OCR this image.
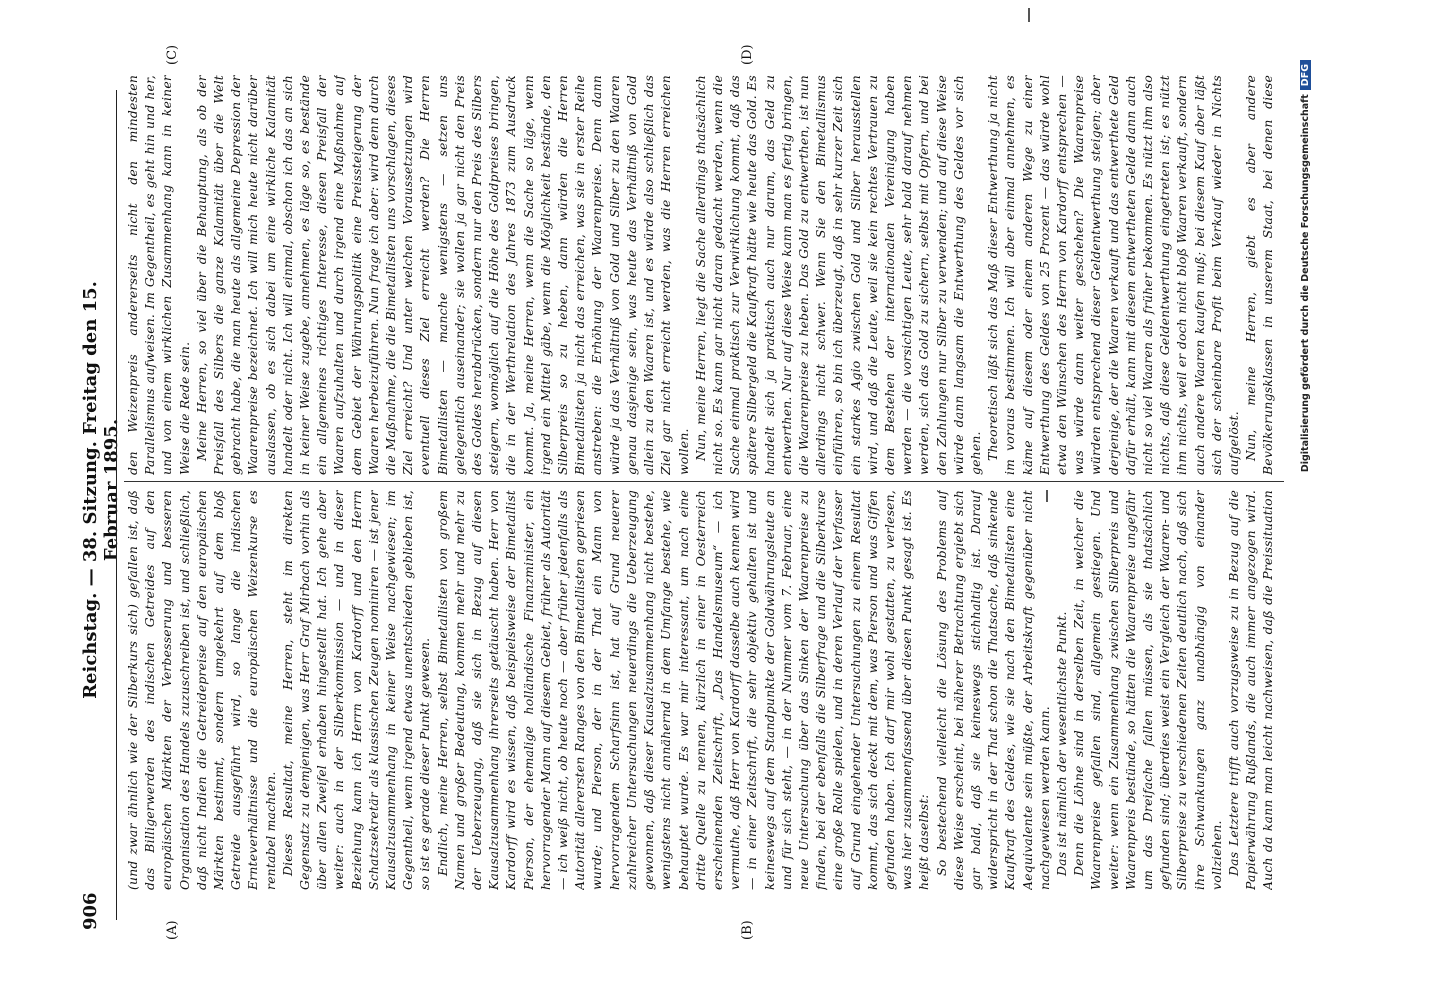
906
Reichstag. — 38. Sitzung. Freitag den 15. Februar 1895.
(A)	(B)
(C)	(D)

(und zwar ähnlich wie der Silberkurs sich) gefallen ist, daß das Billigerwerden des indischen Getreides auf den europäischen Märkten der Verbesserung und besseren Organisation des Handels zuzuschreiben ist, und schließlich, daß nicht Indien die Getreidepreise auf den europäischen Märkten bestimmt, sondern umgekehrt auf dem bloß Getreide ausgeführt wird, so lange die indischen Ernteverhältnisse und die europäischen Weizenkurse es rentabel machten. Dieses Resultat, meine Herren, steht im direkten Gegensatz zu demjenigen, was Herr Graf Mirbach vorhin als über allen Zweifel erhaben hingestellt hat. Ich gehe aber weiter: auch in der Silberkommission — und in dieser Beziehung kann ich Herrn von Kardorff und den Herrn Schatzsekretär als klassischen Zeugen nominiren — ist jener Kausalzusammenhang in keiner Weise nachgewiesen; im Gegentheil, wenn irgend etwas unentschieden geblieben ist, so ist es gerade dieser Punkt gewesen. Endlich, meine Herren, selbst Bimetallisten von großem Namen und großer Bedeutung, kommen mehr und mehr zu der Ueberzeugung, daß sie sich in Bezug auf diesen Kausalzusammenhang ihrerseits getäuscht haben. Herr von Kardorff wird es wissen, daß beispielsweise der Bimetallist Pierson, der ehemalige holländische Finanzminister, ein hervorragender Mann auf diesem Gebiet, früher als Autorität — ich weiß nicht, ob heute noch — aber früher jedenfalls als Autorität allerersten Ranges von den Bimetallisten gepriesen wurde; und Pierson, der in der That ein Mann von hervorragendem Scharfsinn ist, hat auf Grund neuerer zahlreicher Untersuchungen neuerdings die Ueberzeugung gewonnen, daß dieser Kausalzusammenhang nicht bestehe, wenigstens nicht annähernd in dem Umfange bestehe, wie behauptet wurde. Es war mir interessant, um nach eine dritte Quelle zu nennen, kürzlich in einer in Oesterreich erscheinenden Zeitschrift, „Das Handelsmuseum“ — ich vermuthe, daß Herr von Kardorff dasselbe auch kennen wird — in einer Zeitschrift, die sehr objektiv gehalten ist und keineswegs auf dem Standpunkte der Goldwährungsleute an und für sich steht, — in der Nummer vom 7. Februar, eine neue Untersuchung über das Sinken der Waarenpreise zu finden, bei der ebenfalls die Silberfrage und die Silberkurse eine große Rolle spielen, und in deren Verlauf der Verfasser auf Grund eingehender Untersuchungen zu einem Resultat kommt, das sich deckt mit dem, was Pierson und was Giffen gefunden haben. Ich darf mir wohl gestatten, zu verlesen, was hier zusammenfassend über diesen Punkt gesagt ist. Es heißt daselbst: So bestechend vielleicht die Lösung des Problems auf diese Weise erscheint, bei näherer Betrachtung ergiebt sich gar bald, daß sie keineswegs stichhaltig ist. Darauf widerspricht in der That schon die Thatsache, daß sinkende Kaufkraft des Geldes, wie sie nach den Bimetallisten eine Aequivalente sein müßte, der Arbeitskraft gegenüber nicht nachgewiesen werden kann. Das ist nämlich der wesentlichste Punkt. Denn die Löhne sind in derselben Zeit, in welcher die Waarenpreise gefallen sind, allgemein gestiegen. Und weiter: wenn ein Zusammenhang zwischen Silberpreis und Waarenpreis bestünde, so hätten die Waarenpreise ungefähr um das Dreifache fallen müssen, als sie thatsächlich gefunden sind; überdies weist ein Vergleich der Waaren- und Silberpreise zu verschiedenen Zeiten deutlich nach, daß sich ihre Schwankungen ganz unabhängig von einander vollziehen. Das Letztere trifft auch vorzugsweise zu in Bezug auf die Papierwährung Rußlands, die auch immer angezogen wird. Auch da kann man leicht nachweisen, daß die Preissituation

den Weizenpreis andererseits nicht den mindesten Parallelismus aufweisen. Im Gegentheil, es geht hin und her, und von einem wirklichen Zusammenhang kann in keiner Weise die Rede sein. Meine Herren, so viel über die Behauptung, als ob der Preisfall des Silbers die ganze Kalamität über die Welt gebracht habe, die man heute als allgemeine Depression der Waarenpreise bezeichnet. Ich will mich heute nicht darüber auslassen, ob es sich dabei um eine wirkliche Kalamität handelt oder nicht. Ich will einmal, obschon ich das an sich in keiner Weise zugebe, annehmen, es läge so, es bestände ein allgemeines richtiges Interesse, diesen Preisfall der Waaren aufzuhalten und durch irgend eine Maßnahme auf dem Gebiet der Währungspolitik eine Preissteigerung der Waaren herbeizuführen. Nun frage ich aber: wird denn durch die Maßnahme, die die Bimetallisten uns vorschlagen, dieses Ziel erreicht? Und unter welchen Voraussetzungen wird eventuell dieses Ziel erreicht werden? Die Herren Bimetallisten — manche wenigstens — setzen uns gelegentlich auseinander; sie wollen ja gar nicht den Preis des Goldes herabdrücken, sondern nur den Preis des Silbers steigern, womöglich auf die Höhe des Goldpreises bringen, die in der Werthrelation des Jahres 1873 zum Ausdruck kommt. Ja, meine Herren, wenn die Sache so läge, wenn irgend ein Mittel gäbe, wenn die Möglichkeit bestände, den Silberpreis so zu heben, dann würden die Herren Bimetallisten ja nicht das erreichen, was sie in erster Reihe anstreben: die Erhöhung der Waarenpreise. Denn dann würde ja das Verhältniß von Gold und Silber zu den Waaren genau dasjenige sein, was heute das Verhältniß von Gold allein zu den Waaren ist, und es würde also schließlich das Ziel gar nicht erreicht werden, was die Herren erreichen wollen. Nun, meine Herren, liegt die Sache allerdings thatsächlich nicht so. Es kann gar nicht daran gedacht werden, wenn die Sache einmal praktisch zur Verwirklichung kommt, daß das spätere Silbergeld die Kaufkraft hätte wie heute das Gold. Es handelt sich ja praktisch auch nur darum, das Geld zu entwerthen. Nur auf diese Weise kann man es fertig bringen, die Waarenpreise zu heben. Das Gold zu entwerthen, ist nun allerdings nicht schwer. Wenn Sie den Bimetallismus einführen, so bin ich überzeugt, daß in sehr kurzer Zeit sich ein starkes Agio zwischen Gold und Silber herausstellen wird, und daß die Leute, weil sie kein rechtes Vertrauen zu dem Bestehen der internationalen Vereinigung haben werden — die vorsichtigen Leute, sehr bald darauf nehmen werden, sich das Gold zu sichern, selbst mit Opfern, und bei den Zahlungen nur Silber zu verwenden; und auf diese Weise würde dann langsam die Entwerthung des Geldes vor sich gehen. Theoretisch läßt sich das Maß dieser Entwerthung ja nicht im voraus bestimmen. Ich will aber einmal annehmen, es käme auf diesem oder einem anderen Wege zu einer Entwerthung des Geldes von 25 Prozent — das würde wohl etwa den Wünschen des Herrn von Kardorff entsprechen — was würde dann weiter geschehen? Die Waarenpreise würden entsprechend dieser Geldentwerthung steigen; aber derjenige, der die Waaren verkauft und das entwerthete Geld dafür erhält, kann mit diesem entwertheten Gelde dann auch nicht so viel Waaren als früher bekommen. Es nützt ihm also nichts, daß diese Geldentwerthung eingetreten ist; es nützt ihm nichts, weil er doch nicht bloß Waaren verkauft, sondern auch andere Waaren kaufen muß; bei diesem Kauf aber läßt sich der scheinbare Profit beim Verkauf wieder in Nichts aufgelöst. Nun, meine Herren, giebt es aber andere Bevölkerungsklassen in unserem Staat, bei denen diese

Digitalisierung gefördert durch die Deutsche ForschungsgemeinschaftDFG
